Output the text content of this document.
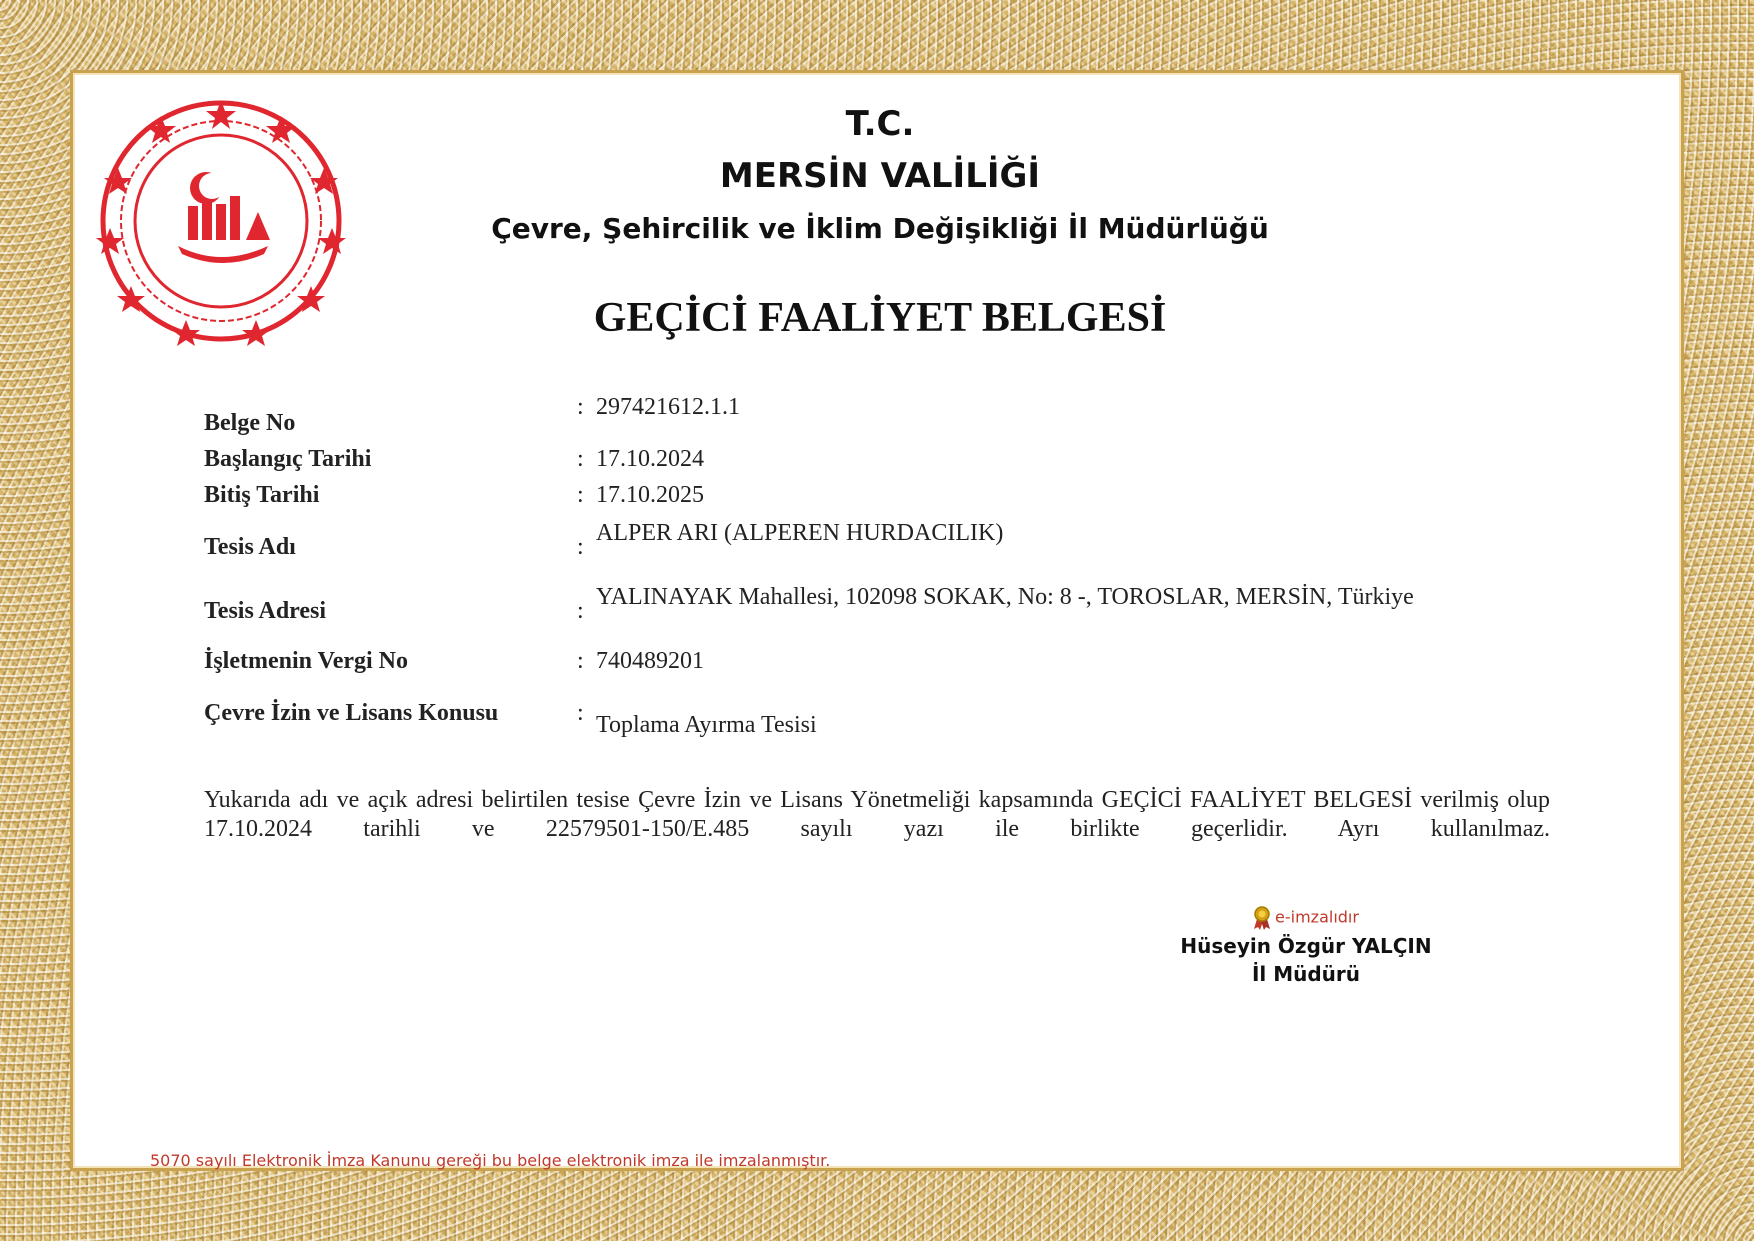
T.C.
MERSİN VALİLİĞİ
Çevre, Şehircilik ve İklim Değişikliği İl Müdürlüğü
GEÇİCİ FAALİYET BELGESİ
Belge No
: 297421612.1.1
Başlangıç Tarihi	: 17.10.2024
Bitiş Tarihi	: 17.10.2025
Tesis Adı	:
ALPER ARI (ALPEREN HURDACILIK)
Tesis Adresi	:
YALINAYAK Mahallesi, 102098 SOKAK, No: 8 -, TOROSLAR, MERSİN, Türkiye
İşletmenin Vergi No	: 740489201
Çevre İzin ve Lisans Konusu	: Toplama Ayırma Tesisi
Yukarıda adı ve açık adresi belirtilen tesise Çevre İzin ve Lisans Yönetmeliği kapsamında GEÇİCİ FAALİYET BELGESİ verilmiş olup 17.10.2024 tarihli ve 22579501-150/E.485 sayılı yazı ile birlikte geçerlidir. Ayrı kullanılmaz.
e-imzalıdır
Hüseyin Özgür YALÇIN
İl Müdürü
5070 sayılı Elektronik İmza Kanunu gereği bu belge elektronik imza ile imzalanmıştır.
